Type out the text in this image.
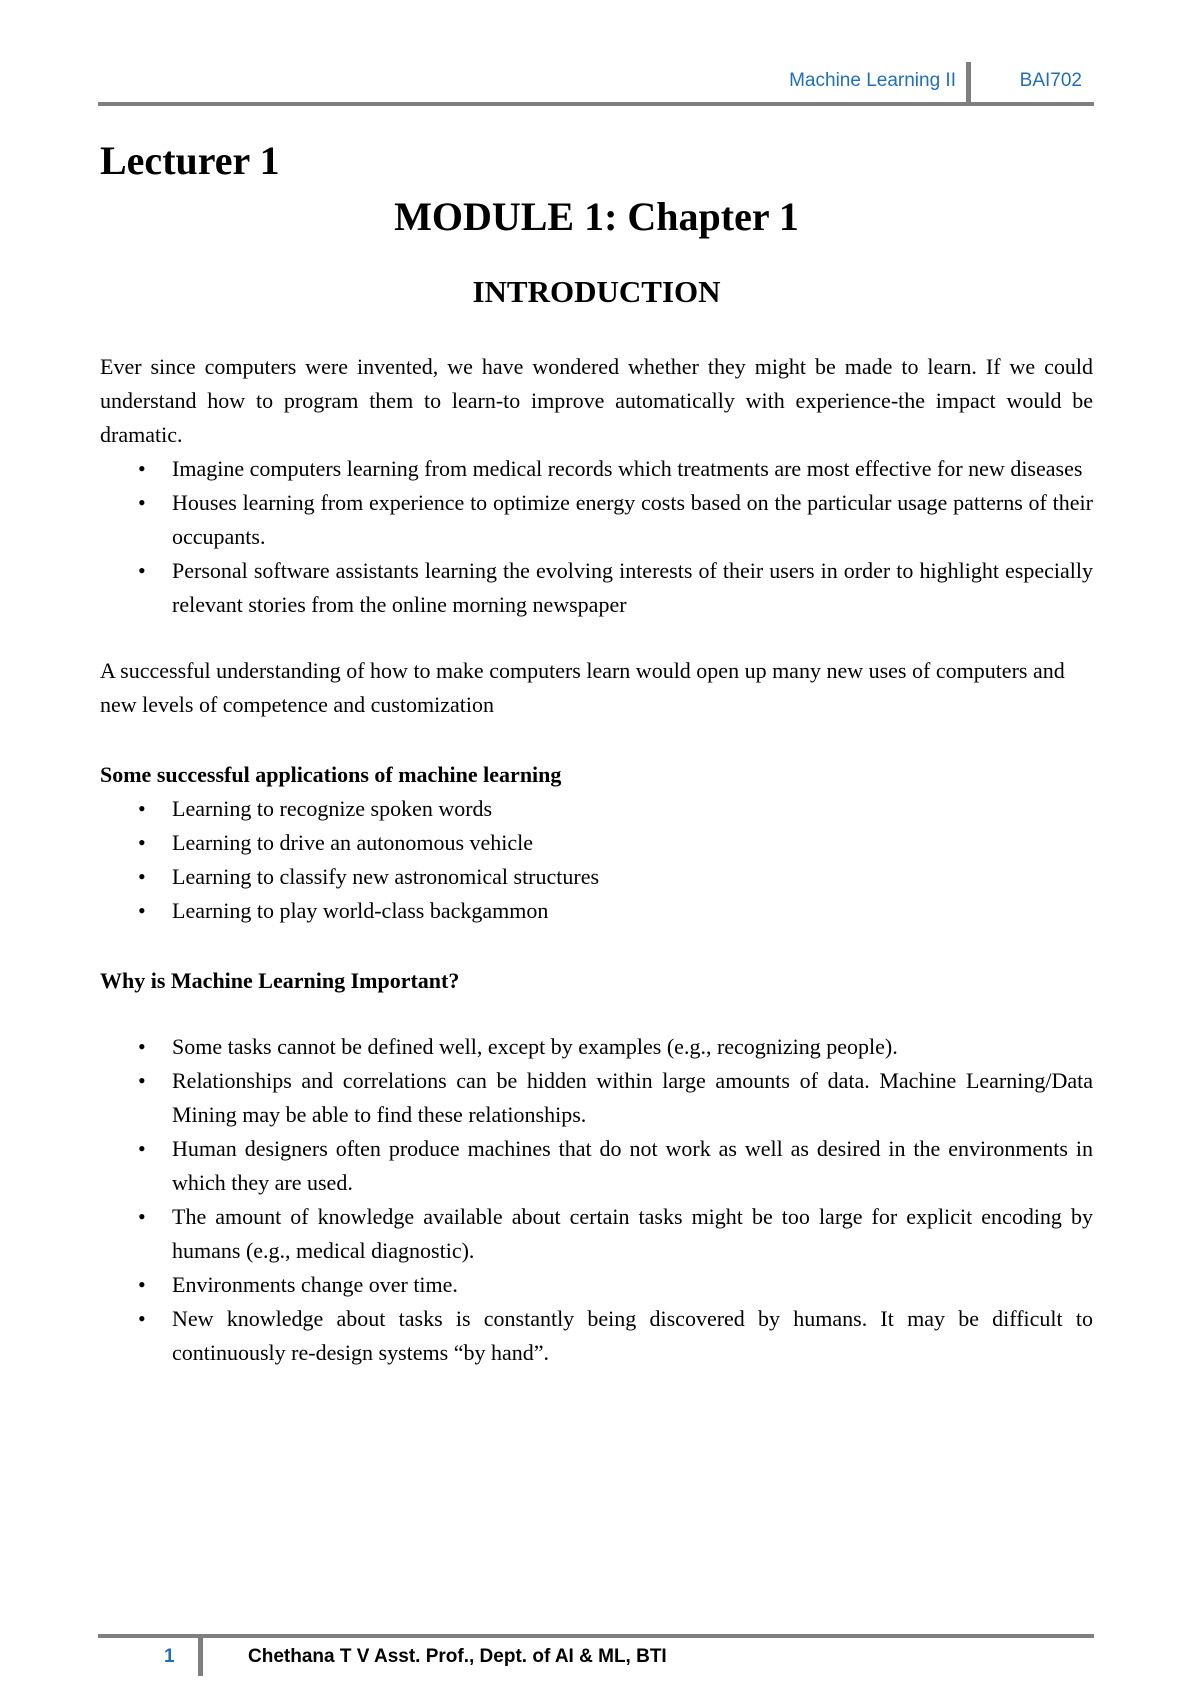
Machine Learning II	BAI702
Lecturer 1
MODULE 1: Chapter 1
INTRODUCTION

Ever since computers were invented, we have wondered whether they might be made to learn. If we could understand how to program them to learn-to improve automatically with experience-the impact would be dramatic.

• Imagine computers learning from medical records which treatments are most effective for new diseases
• Houses learning from experience to optimize energy costs based on the particular usage patterns of their occupants.
• Personal software assistants learning the evolving interests of their users in order to highlight especially relevant stories from the online morning newspaper

A successful understanding of how to make computers learn would open up many new uses of computers and new levels of competence and customization

Some successful applications of machine learning
• Learning to recognize spoken words
• Learning to drive an autonomous vehicle
• Learning to classify new astronomical structures
• Learning to play world-class backgammon
Why is Machine Learning Important?
• Some tasks cannot be defined well, except by examples (e.g., recognizing people).
• Relationships and correlations can be hidden within large amounts of data. Machine Learning/Data Mining may be able to find these relationships.
• Human designers often produce machines that do not work as well as desired in the environments in which they are used.
• The amount of knowledge available about certain tasks might be too large for explicit encoding by humans (e.g., medical diagnostic).
• Environments change over time.
• New knowledge about tasks is constantly being discovered by humans. It may be difficult to continuously re-design systems “by hand”.
1	Chethana T V Asst. Prof., Dept. of AI & ML, BTI
